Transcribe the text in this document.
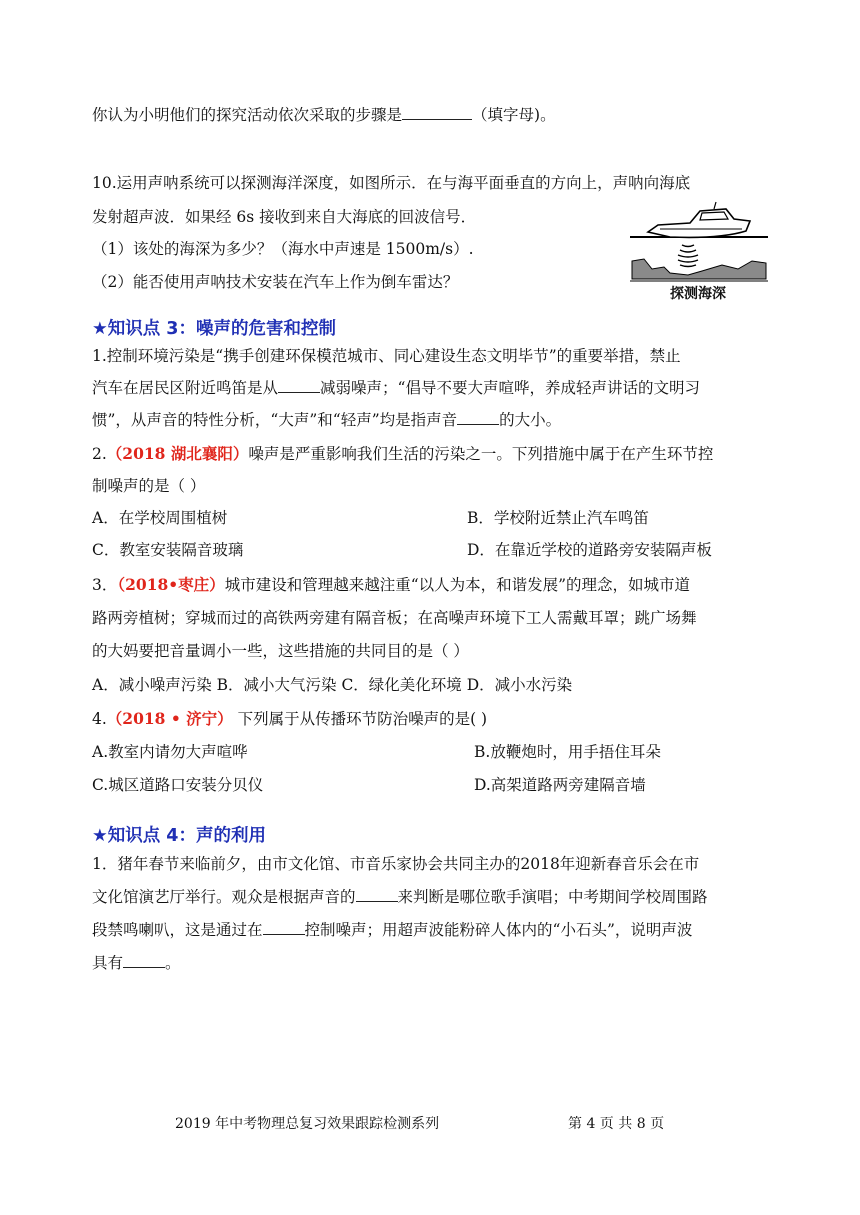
你认为小明他们的探究活动依次采取的步骤是	（填字母)。
10.运用声呐系统可以探测海洋深度，如图所示．在与海平面垂直的方向上，声呐向海底
发射超声波．如果经 6s 接收到来自大海底的回波信号．
（1）该处的海深为多少？（海水中声速是 1500m/s）.
（2）能否使用声呐技术安装在汽车上作为倒车雷达？
探测海深
★知识点 3：噪声的危害和控制
1.控制环境污染是“携手创建环保模范城市、同心建设生态文明毕节”的重要举措，禁止
汽车在居民区附近鸣笛是从	减弱噪声；“倡导不要大声喧哗，养成轻声讲话的文明习
惯”，从声音的特性分析，“大声”和“轻声”均是指声音	的大小。
2.（2018 湖北襄阳）噪声是严重影响我们生活的污染之一。下列措施中属于在产生环节控
制噪声的是（ ）
A．在学校周围植树	B．学校附近禁止汽车鸣笛
C．教室安装隔音玻璃	D．在靠近学校的道路旁安装隔声板
3．（2018•枣庄）城市建设和管理越来越注重“以人为本，和谐发展”的理念，如城市道
路两旁植树；穿城而过的高铁两旁建有隔音板；在高噪声环境下工人需戴耳罩；跳广场舞
的大妈要把音量调小一些，这些措施的共同目的是（ ）
A．减小噪声污染 B．减小大气污染 C．绿化美化环境 D．减小水污染
4.（2018 • 济宁） 下列属于从传播环节防治噪声的是( )
A.教室内请勿大声喧哗	B.放鞭炮时，用手捂住耳朵
C.城区道路口安装分贝仪	D.高架道路两旁建隔音墙
★知识点 4：声的利用
1．猪年春节来临前夕，由市文化馆、市音乐家协会共同主办的2018年迎新春音乐会在市
文化馆演艺厅举行。观众是根据声音的	来判断是哪位歌手演唱；中考期间学校周围路
段禁鸣喇叭，这是通过在	控制噪声；用超声波能粉碎人体内的“小石头”，说明声波
具有	。
2019 年中考物理总复习效果跟踪检测系列	第 4 页 共 8 页
